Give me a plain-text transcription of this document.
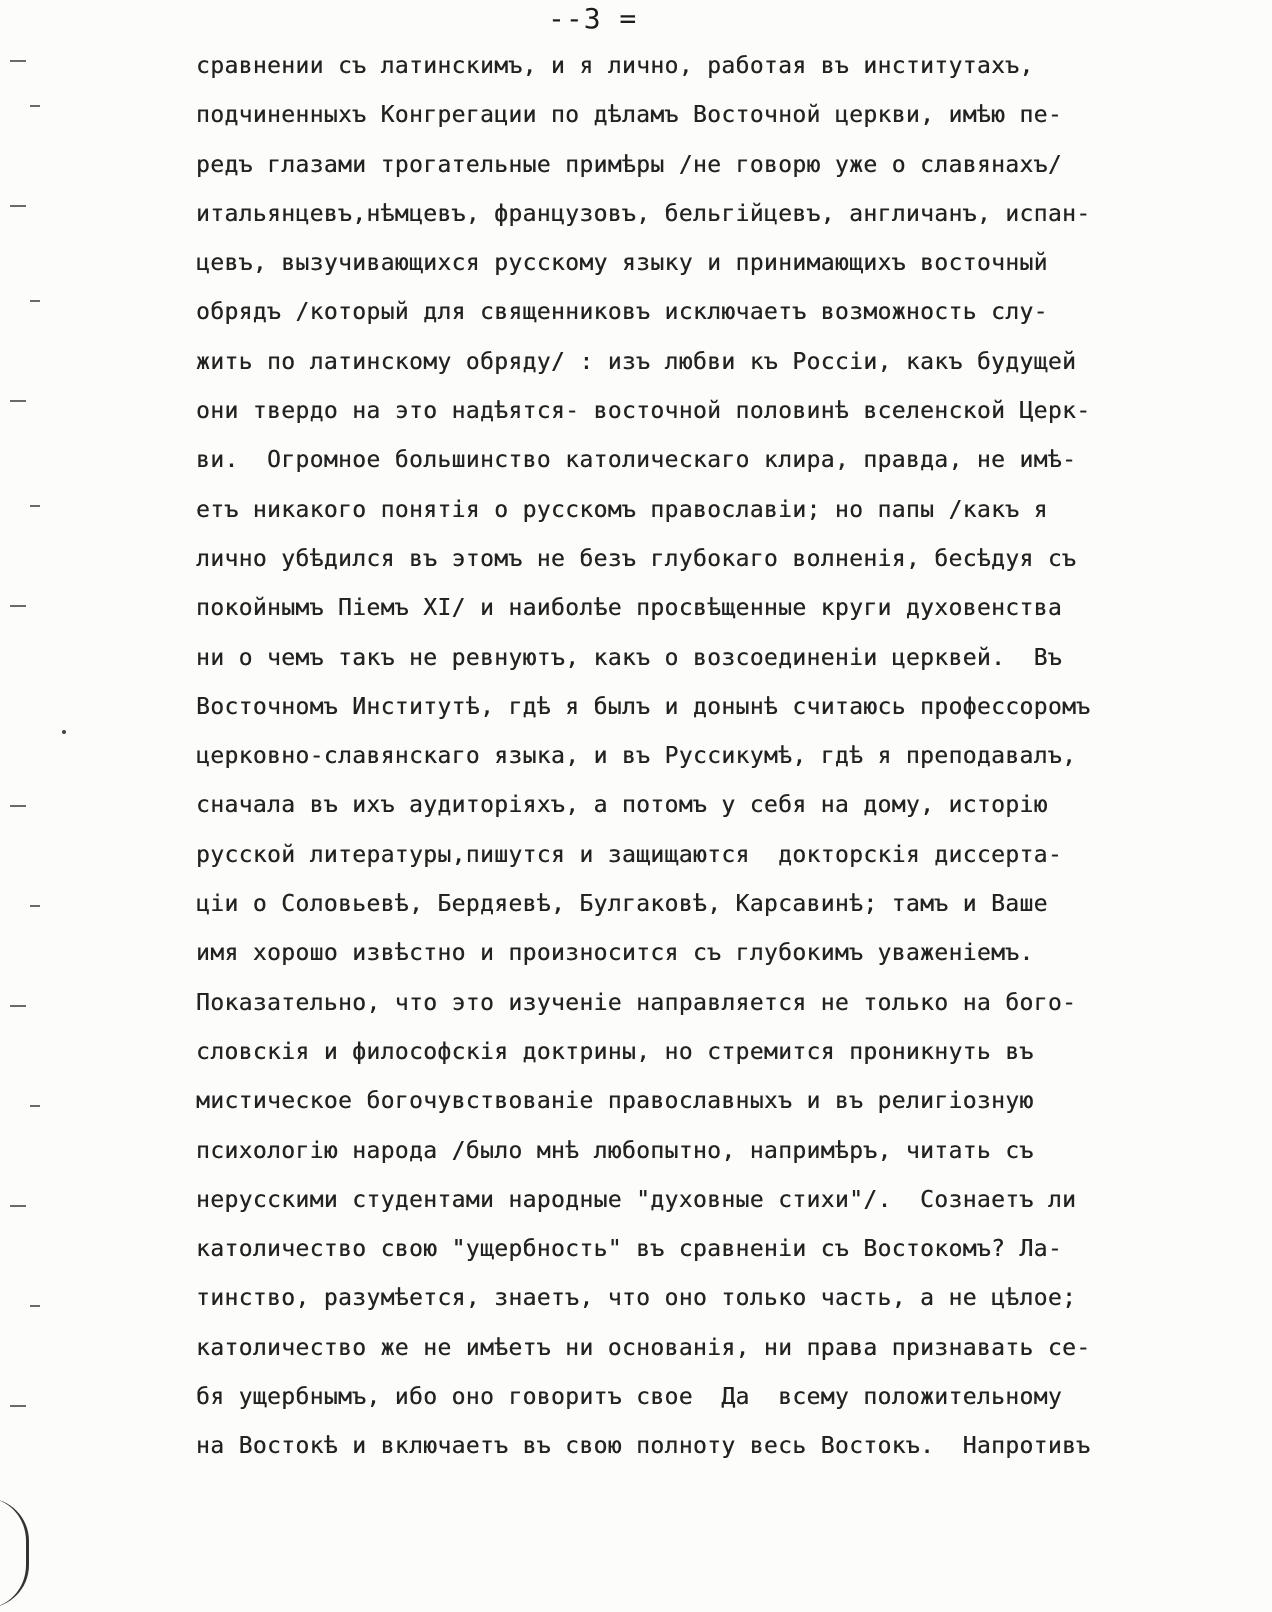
--3 =
сравнении съ латинскимъ, и я лично, работая въ институтахъ,
подчиненныхъ Конгрегации по дѣламъ Восточной церкви, имѣю пе-
редъ глазами трогательные примѣры /не говорю уже о славянахъ/
итальянцевъ,нѣмцевъ, французовъ, бельгiйцевъ, англичанъ, испан-
цевъ, вызучивающихся русскому языку и принимающихъ восточный
обрядъ /который для священниковъ исключаетъ возможность слу-
жить по латинскому обряду/ : изъ любви къ Россiи, какъ будущей
они твердо на это надѣятся- восточной половинѣ вселенской Церк-
ви.  Огромное большинство католическаго клира, правда, не имѣ-
етъ никакого понятiя о русскомъ православiи; но папы /какъ я
лично убѣдился въ этомъ не безъ глубокаго волненiя, бесѣдуя съ
покойнымъ Пiемъ XI/ и наиболѣе просвѣщенные круги духовенства
ни о чемъ такъ не ревнуютъ, какъ о возсоединенiи церквей.  Въ
Восточномъ Институтѣ, гдѣ я былъ и донынѣ считаюсь профессоромъ
церковно-славянскаго языка, и въ Руссикумѣ, гдѣ я преподавалъ,
сначала въ ихъ аудиторiяхъ, а потомъ у себя на дому, исторiю
русской литературы,пишутся и защищаются  докторскiя диссерта-
цiи о Соловьевѣ, Бердяевѣ, Булгаковѣ, Карсавинѣ; тамъ и Ваше
имя хорошо извѣстно и произносится съ глубокимъ уваженiемъ.
Показательно, что это изученiе направляется не только на бого-
словскiя и философскiя доктрины, но стремится проникнуть въ
мистическое богочувствованiе православныхъ и въ религiозную
психологiю народа /было мнѣ любопытно, напримѣръ, читать съ
нерусскими студентами народные "духовные стихи"/.  Сознаетъ ли
католичество свою "ущербность" въ сравненiи съ Востокомъ? Ла-
тинство, разумѣется, знаетъ, что оно только часть, а не цѣлое;
католичество же не имѣетъ ни основанiя, ни права признавать се-
бя ущербнымъ, ибо оно говоритъ свое  Да  всему положительному
на Востокѣ и включаетъ въ свою полноту весь Востокъ.  Напротивъ
